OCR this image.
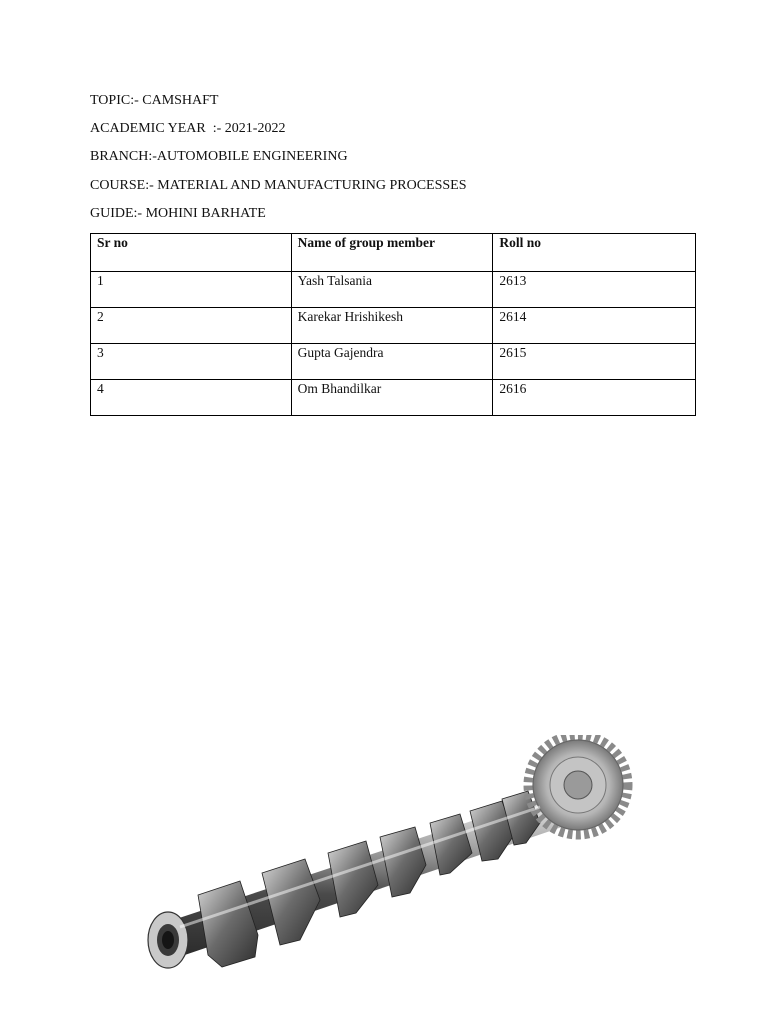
TOPIC:- CAMSHAFT
ACADEMIC YEAR  :- 2021-2022
BRANCH:-AUTOMOBILE ENGINEERING
COURSE:- MATERIAL AND MANUFACTURING PROCESSES
GUIDE:- MOHINI BARHATE
Sr no	Name of group member	Roll no
1	Yash Talsania	2613
2	Karekar Hrishikesh	2614
3	Gupta Gajendra	2615
4	Om Bhandilkar	2616
